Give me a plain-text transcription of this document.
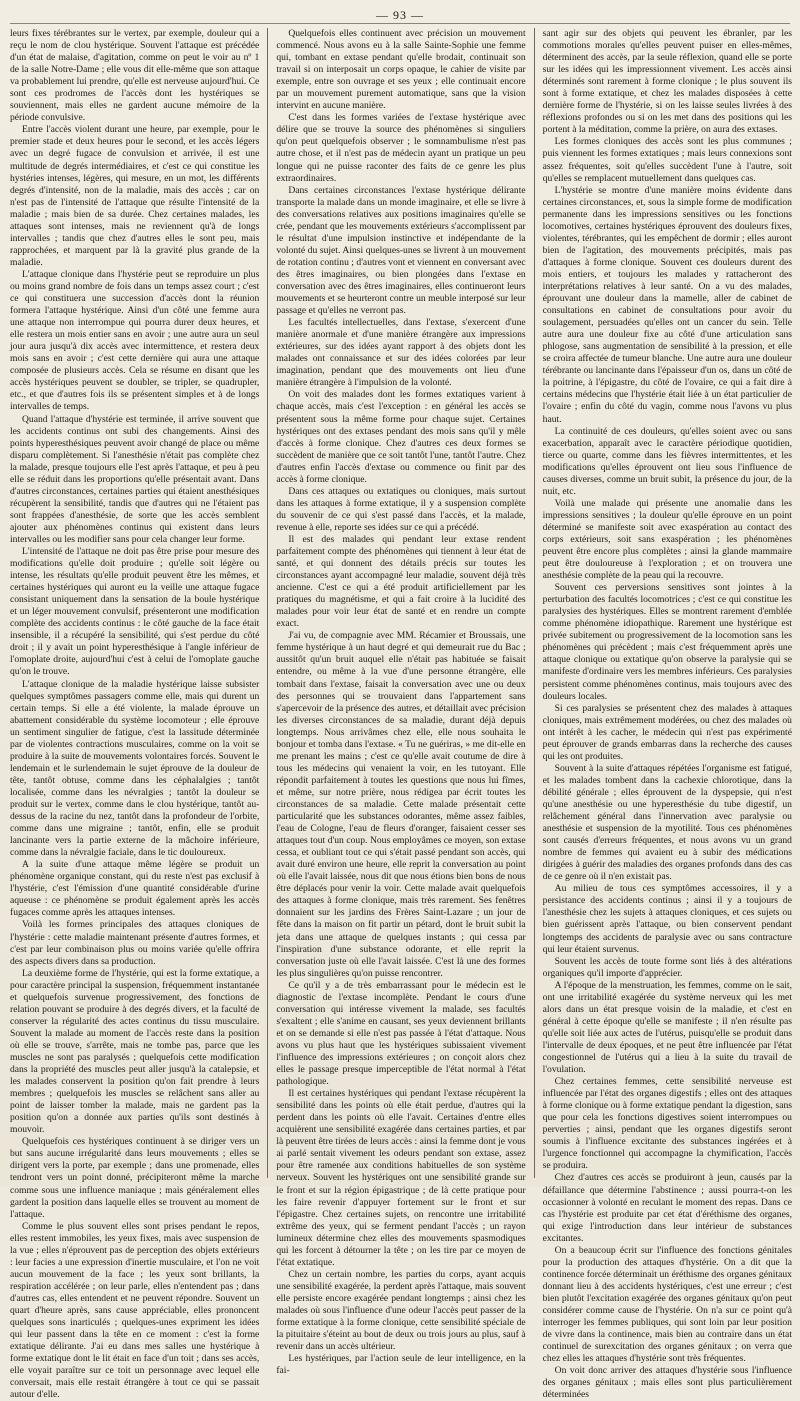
— 93 —

leurs fixes térébrantes sur le vertex, par exemple, douleur qui a reçu le nom de clou hystérique. Souvent l'attaque est précédée d'un état de malaise, d'agitation, comme on peut le voir au nº 1 de la salle Notre-Dame ; elle vous dit elle-même que son attaque va probablement lui prendre, qu'elle est nerveuse aujourd'hui. Ce sont ces prodromes de l'accès dont les hystériques se souviennent, mais elles ne gardent aucune mémoire de la période convulsive.

Entre l'accès violent durant une heure, par exemple, pour le premier stade et deux heures pour le second, et les accès légers avec un degré fugace de convulsion et arrivée, il est une multitude de degrés intermédiaires, et c'est ce qui constitue les hystéries intenses, légères, qui mesure, en un mot, les différents degrés d'intensité, non de la maladie, mais des accès ; car on n'est pas de l'intensité de l'attaque que résulte l'intensité de la maladie ; mais bien de sa durée. Chez certaines malades, les attaques sont intenses, mais ne reviennent qu'à de longs intervalles ; tandis que chez d'autres elles le sont peu, mais rapprochées, et marquent par là la gravité plus grande de la maladie.

L'attaque clonique dans l'hystérie peut se reproduire un plus ou moins grand nombre de fois dans un temps assez court ; c'est ce qui constituera une succession d'accès dont la réunion formera l'attaque hystérique. Ainsi d'un côté une femme aura une attaque non interrompue qui pourra durer deux heures, et elle restera un mois entier sans en avoir ; une autre aura un seul jour aura jusqu'à dix accès avec intermittence, et restera deux mois sans en avoir ; c'est cette dernière qui aura une attaque composée de plusieurs accès. Cela se résume en disant que les accès hystériques peuvent se doubler, se tripler, se quadrupler, etc., et que d'autres fois ils se présentent simples et à de longs intervalles de temps.

Quand l'attaque d'hystérie est terminée, il arrive souvent que les accidents continus ont subi des changements. Ainsi des points hyperesthésiques peuvent avoir changé de place ou même disparu complètement. Si l'anesthésie n'était pas complète chez la malade, presque toujours elle l'est après l'attaque, et peu à peu elle se réduit dans les proportions qu'elle présentait avant. Dans d'autres circonstances, certaines parties qui étaient anesthésiques récupèrent la sensibilité, tandis que d'autres qui ne l'étaient pas sont frappées d'anesthésie, de sorte que les accès semblent ajouter aux phénomènes continus qui existent dans leurs intervalles ou les modifier sans pour cela changer leur forme.

L'intensité de l'attaque ne doit pas être prise pour mesure des modifications qu'elle doit produire ; qu'elle soit légère ou intense, les résultats qu'elle produit peuvent être les mêmes, et certaines hystériques qui auront eu la veille une attaque fugace consistant uniquement dans la sensation de la boule hystérique et un léger mouvement convulsif, présenteront une modification complète des accidents continus : le côté gauche de la face était insensible, il a récupéré la sensibilité, qui s'est perdue du côté droit ; il y avait un point hyperesthésique à l'angle inférieur de l'omoplate droite, aujourd'hui c'est à celui de l'omoplate gauche qu'on le trouve.

L'attaque clonique de la maladie hystérique laisse subsister quelques symptômes passagers comme elle, mais qui durent un certain temps. Si elle a été violente, la malade éprouve un abattement considérable du système locomoteur ; elle éprouve un sentiment singulier de fatigue, c'est la lassitude déterminée par de violentes contractions musculaires, comme on la voit se produire à la suite de mouvements volontaires forcés. Souvent le lendemain et le surlendemain le sujet éprouve de la douleur de tête, tantôt obtuse, comme dans les céphalalgies ; tantôt localisée, comme dans les névralgies ; tantôt la douleur se produit sur le vertex, comme dans le clou hystérique, tantôt au-dessus de la racine du nez, tantôt dans la profondeur de l'orbite, comme dans une migraine ; tantôt, enfin, elle se produit lancinante vers la partie externe de la mâchoire inférieure, comme dans la névralgie faciale, dans le tic douloureux.

A la suite d'une attaque même légère se produit un phénomène organique constant, qui du reste n'est pas exclusif à l'hystérie, c'est l'émission d'une quantité considérable d'urine aqueuse : ce phénomène se produit également après les accès fugaces comme après les attaques intenses.

Voilà les formes principales des attaques cloniques de l'hystérie : cette maladie maintenant présente d'autres formes, et c'est par leur combinaison plus ou moins variée qu'elle offrira des aspects divers dans sa production.

La deuxième forme de l'hystérie, qui est la forme extatique, a pour caractère principal la suspension, fréquemment instantanée et quelquefois survenue progressivement, des fonctions de relation pouvant se produire à des degrés divers, et la faculté de conserver la régularité des actes continus du tissu musculaire. Souvent la malade au moment de l'accès reste dans la position où elle se trouve, s'arrête, mais ne tombe pas, parce que les muscles ne sont pas paralysés ; quelquefois cette modification dans la propriété des muscles peut aller jusqu'à la catalepsie, et les malades conservent la position qu'on fait prendre à leurs membres ; quelquefois les muscles se relâchent sans aller au point de laisser tomber la malade, mais ne gardent pas la position qu'on a donnée aux parties qu'ils sont destinés à mouvoir.

Quelquefois ces hystériques continuent à se diriger vers un but sans aucune irrégularité dans leurs mouvements ; elles se dirigent vers la porte, par exemple ; dans une promenade, elles tendront vers un point donné, précipiteront même la marche comme sous une influence maniaque ; mais généralement elles gardent la position dans laquelle elles se trouvent au moment de l'attaque.

Comme le plus souvent elles sont prises pendant le repos, elles restent immobiles, les yeux fixes, mais avec suspension de la vue ; elles n'éprouvent pas de perception des objets extérieurs : leur facies a une expression d'inertie musculaire, et l'on ne voit aucun mouvement de la face ; les yeux sont brillants, la respiration accélérée ; on leur parle, elles n'entendent pas ; dans d'autres cas, elles entendent et ne peuvent répondre. Souvent un quart d'heure après, sans cause appréciable, elles prononcent quelques sons inarticulés ; quelques-unes expriment les idées qui leur passent dans la tête en ce moment : c'est la forme extatique délirante. J'ai eu dans mes salles une hystérique à forme extatique dont le lit était en face d'un toit ; dans ses accès, elle voyait paraître sur ce toit un personnage avec lequel elle conversait, mais elle restait étrangère à tout ce qui se passait autour d'elle.

Quelquefois elles continuent avec précision un mouvement commencé. Nous avons eu à la salle Sainte-Sophie une femme qui, tombant en extase pendant qu'elle brodait, continuait son travail si on interposait un corps opaque, le cahier de visite par exemple, entre son ouvrage et ses yeux ; elle continuait encore par un mouvement purement automatique, sans que la vision intervint en aucune manière.

C'est dans les formes variées de l'extase hystérique avec délire que se trouve la source des phénomènes si singuliers qu'on peut quelquefois observer ; le somnambulisme n'est pas autre chose, et il n'est pas de médecin ayant un pratique un peu longue qui ne puisse raconter des faits de ce genre les plus extraordinaires.

Dans certaines circonstances l'extase hystérique délirante transporte la malade dans un monde imaginaire, et elle se livre à des conversations relatives aux positions imaginaires qu'elle se crée, pendant que les mouvements extérieurs s'accomplissent par le résultat d'une impulsion instinctive et indépendante de la volonté du sujet. Ainsi quelques-unes se livrent à un mouvement de rotation continu ; d'autres vont et viennent en conversant avec des êtres imaginaires, ou bien plongées dans l'extase en conversation avec des êtres imaginaires, elles continueront leurs mouvements et se heurteront contre un meuble interposé sur leur passage et qu'elles ne verront pas.

Les facultés intellectuelles, dans l'extase, s'exercent d'une manière anormale et d'une manière étrangère aux impressions extérieures, sur des idées ayant rapport à des objets dont les malades ont connaissance et sur des idées colorées par leur imagination, pendant que des mouvements ont lieu d'une manière étrangère à l'impulsion de la volonté.

On voit des malades dont les formes extatiques varient à chaque accès, mais c'est l'exception : en général les accès se présentent sous la même forme pour chaque sujet. Certaines hystériques ont des extases pendant des mois sans qu'il y mêle d'accès à forme clonique. Chez d'autres ces deux formes se succèdent de manière que ce soit tantôt l'une, tantôt l'autre. Chez d'autres enfin l'accès d'extase ou commence ou finit par des accès à forme clonique.

Dans ces attaques ou extatiques ou cloniques, mais surtout dans les attaques à forme extatique, il y a suspension complète du souvenir de ce qui s'est passé dans l'accès, et la malade, revenue à elle, reporte ses idées sur ce qui a précédé.

Il est des malades qui pendant leur extase rendent parfaitement compte des phénomènes qui tiennent à leur état de santé, et qui donnent des détails précis sur toutes les circonstances ayant accompagné leur maladie, souvent déjà très ancienne. C'est ce qui a été produit artificiellement par les pratiques du magnétisme, et qui a fait croire à la lucidité des malades pour voir leur état de santé et en rendre un compte exact.

J'ai vu, de compagnie avec MM. Récamier et Broussais, une femme hystérique à un haut degré et qui demeurait rue du Bac ; aussitôt qu'un bruit auquel elle n'était pas habituée se faisait entendre, ou même à la vue d'une personne étrangère, elle tombait dans l'extase, faisait la conversation avec une ou deux des personnes qui se trouvaient dans l'appartement sans s'apercevoir de la présence des autres, et détaillait avec précision les diverses circonstances de sa maladie, durant déjà depuis longtemps. Nous arrivâmes chez elle, elle nous souhaita le bonjour et tomba dans l'extase. « Tu ne guériras, » me dit-elle en me prenant les mains ; c'est ce qu'elle avait coutume de dire à tous les médecins qui venaient la voir, en les tutoyant. Elle répondit parfaitement à toutes les questions que nous lui fîmes, et même, sur notre prière, nous rédigea par écrit toutes les circonstances de sa maladie. Cette malade présentait cette particularité que les substances odorantes, même assez faibles, l'eau de Cologne, l'eau de fleurs d'oranger, faisaient cesser ses attaques tout d'un coup. Nous employâmes ce moyen, son extase cessa, et oubliant tout ce qui s'était passé pendant son accès, qui avait duré environ une heure, elle reprit la conversation au point où elle l'avait laissée, nous dit que nous étions bien bons de nous être déplacés pour venir la voir. Cette malade avait quelquefois des attaques à forme clonique, mais très rarement. Ses fenêtres donnaient sur les jardins des Frères Saint-Lazare ; un jour de fête dans la maison on fit partir un pétard, dont le bruit subit la jeta dans une attaque de quelques instants ; qui cessa par l'inspiration d'une substance odorante, et elle reprit la conversation juste où elle l'avait laissée. C'est là une des formes les plus singulières qu'on puisse rencontrer.

Ce qu'il y a de très embarrassant pour le médecin est le diagnostic de l'extase incomplète. Pendant le cours d'une conversation qui intéresse vivement la malade, ses facultés s'exaltent ; elle s'anime en causant, ses yeux deviennent brillants et on se demande si elle n'est pas passée à l'état d'attaque. Nous avons vu plus haut que les hystériques subissaient vivement l'influence des impressions extérieures ; on conçoit alors chez elles le passage presque imperceptible de l'état normal à l'état pathologique.

Il est certaines hystériques qui pendant l'extase récupèrent la sensibilité dans les points où elle était perdue, d'autres qui la perdent dans les points où elle l'avait. Certaines d'entre elles acquièrent une sensibilité exagérée dans certaines parties, et par là peuvent être tirées de leurs accès : ainsi la femme dont je vous ai parlé sentait vivement les odeurs pendant son extase, assez pour être ramenée aux conditions habituelles de son système nerveux. Souvent les hystériques ont une sensibilité grande sur le front et sur la région épigastrique ; de là cette pratique pour les faire revenir d'appuyer fortement sur le front et sur l'épigastre. Chez certaines sujets, on rencontre une irritabilité extrême des yeux, qui se ferment pendant l'accès ; un rayon lumineux détermine chez elles des mouvements spasmodiques qui les forcent à détourner la tête ; on les tire par ce moyen de l'état extatique.

Chez un certain nombre, les parties du corps, ayant acquis une sensibilité exagérée, la perdent après l'attaque, mais souvent elle persiste encore exagérée pendant longtemps ; ainsi chez les malades où sous l'influence d'une odeur l'accès peut passer de la forme extatique à la forme clonique, cette sensibilité spéciale de la pituitaire s'éteint au bout de deux ou trois jours au plus, sauf à revenir dans un accès ultérieur.

Les hystériques, par l'action seule de leur intelligence, en la fai-

sant agir sur des objets qui peuvent les ébranler, par les commotions morales qu'elles peuvent puiser en elles-mêmes, déterminent des accès, par la seule réflexion, quand elle se porte sur les idées qui les impressionnent vivement. Les accès ainsi déterminés sont rarement à forme clonique ; le plus souvent ils sont à forme extatique, et chez les malades disposées à cette dernière forme de l'hystérie, si on les laisse seules livrées à des réflexions profondes ou si on les met dans des positions qui les portent à la méditation, comme la prière, on aura des extases.

Les formes cloniques des accès sont les plus communes ; puis viennent les formes extatiques ; mais leurs connexions sont assez fréquentes, soit qu'elles succèdent l'une à l'autre, soit qu'elles se remplacent mutuellement dans quelques cas.

L'hystérie se montre d'une manière moins évidente dans certaines circonstances, et, sous la simple forme de modification permanente dans les impressions sensitives ou les fonctions locomotives, certaines hystériques éprouvent des douleurs fixes, violentes, térébrantes, qui les empêchent de dormir ; elles auront bien de l'agitation, des mouvements précipités, mais pas d'attaques à forme clonique. Souvent ces douleurs durent des mois entiers, et toujours les malades y rattacheront des interprétations relatives à leur santé. On a vu des malades, éprouvant une douleur dans la mamelle, aller de cabinet de consultations en cabinet de consultations pour avoir du soulagement, persuadées qu'elles ont un cancer du sein. Telle autre aura une douleur fixe au côté d'une articulation sans phlogose, sans augmentation de sensibilité à la pression, et elle se croira affectée de tumeur blanche. Une autre aura une douleur térébrante ou lancinante dans l'épaisseur d'un os, dans un côté de la poitrine, à l'épigastre, du côté de l'ovaire, ce qui a fait dire à certains médecins que l'hystérie était liée à un état particulier de l'ovaire ; enfin du côté du vagin, comme nous l'avons vu plus haut.

La continuité de ces douleurs, qu'elles soient avec ou sans exacerbation, apparaît avec le caractère périodique quotidien, tierce ou quarte, comme dans les fièvres intermittentes, et les modifications qu'elles éprouvent ont lieu sous l'influence de causes diverses, comme un bruit subit, la présence du jour, de la nuit, etc.

Voilà une malade qui présente une anomalie dans les impressions sensitives ; la douleur qu'elle éprouve en un point déterminé se manifeste soit avec exaspération au contact des corps extérieurs, soit sans exaspération ; les phénomènes peuvent être encore plus complètes ; ainsi la glande mammaire peut être douloureuse à l'exploration ; et on trouvera une anesthésie complète de la peau qui la recouvre.

Souvent ces perversions sensitives sont jointes à la perturbation des facultés locomotrices ; c'est ce qui constitue les paralysies des hystériques. Elles se montrent rarement d'emblée comme phénomène idiopathique. Rarement une hystérique est privée subitement ou progressivement de la locomotion sans les phénomènes qui précèdent ; mais c'est fréquemment après une attaque clonique ou extatique qu'on observe la paralysie qui se manifeste d'ordinaire vers les membres inférieurs. Ces paralysies persistent comme phénomènes continus, mais toujours avec des douleurs locales.

Si ces paralysies se présentent chez des malades à attaques cloniques, mais extrêmement modérées, ou chez des malades où ont intérêt à les cacher, le médecin qui n'est pas expérimenté peut éprouver de grands embarras dans la recherche des causes qui les ont produites.

Souvent à la suite d'attaques répétées l'organisme est fatigué, et les malades tombent dans la cachexie chlorotique, dans la débilité générale ; elles éprouvent de la dyspepsie, qui n'est qu'une anesthésie ou une hyperesthésie du tube digestif, un relâchement général dans l'innervation avec paralysie ou anesthésie et suspension de la myotilité. Tous ces phénomènes sont causés d'erreurs fréquentes, et nous avons vu un grand nombre de femmes qui avaient eu à subir des médications dirigées à guérir des maladies des organes profonds dans des cas de ce genre où il n'en existait pas.

Au milieu de tous ces symptômes accessoires, il y a persistance des accidents continus ; ainsi il y a toujours de l'anesthésie chez les sujets à attaques cloniques, et ces sujets ou bien guérissent après l'attaque, ou bien conservent pendant longtemps des accidents de paralysie avec ou sans contracture qui leur étaient survenus.

Souvent les accès de toute forme sont liés à des altérations organiques qu'il importe d'apprécier.

A l'époque de la menstruation, les femmes, comme on le sait, ont une irritabilité exagérée du système nerveux qui les met alors dans un état presque voisin de la maladie, et c'est en général à cette époque qu'elle se manifeste ; il n'en résulte pas qu'elle soit liée aux actes de l'utérus, puisqu'elle se produit dans l'intervalle de deux époques, et ne peut être influencée par l'état congestionnel de l'utérus qui a lieu à la suite du travail de l'ovulation.

Chez certaines femmes, cette sensibilité nerveuse est influencée par l'état des organes digestifs ; elles ont des attaques à forme clonique ou à forme extatique pendant la digestion, sans que pour cela les fonctions digestives soient interrompues ou perverties ; ainsi, pendant que les organes digestifs seront soumis à l'influence excitante des substances ingérées et à l'urgence fonctionnel qui accompagne la chymification, l'accès se produira.

Chez d'autres ces accès se produiront à jeun, causés par la défaillance que détermine l'abstinence ; aussi pourra-t-on les occasionner à volonté en reculant le moment des repas. Dans ce cas l'hystérie est produite par cet état d'éréthisme des organes, qui exige l'introduction dans leur intérieur de substances excitantes.

On a beaucoup écrit sur l'influence des fonctions génitales pour la production des attaques d'hystérie. On a dit que la continence forcée déterminait un éréthisme des organes génitaux donnant lieu à des accidents hystériques, c'est une erreur ; c'est bien plutôt l'excitation exagérée des organes génitaux qu'on peut considérer comme cause de l'hystérie. On n'a sur ce point qu'à interroger les femmes publiques, qui sont loin par leur position de vivre dans la continence, mais bien au contraire dans un état continuel de surexcitation des organes génitaux ; on verra que chez elles les attaques d'hystérie sont très fréquentes.

On voit donc arriver des attaques d'hystérie sous l'influence des organes génitaux ; mais elles sont plus particulièrement déterminées
